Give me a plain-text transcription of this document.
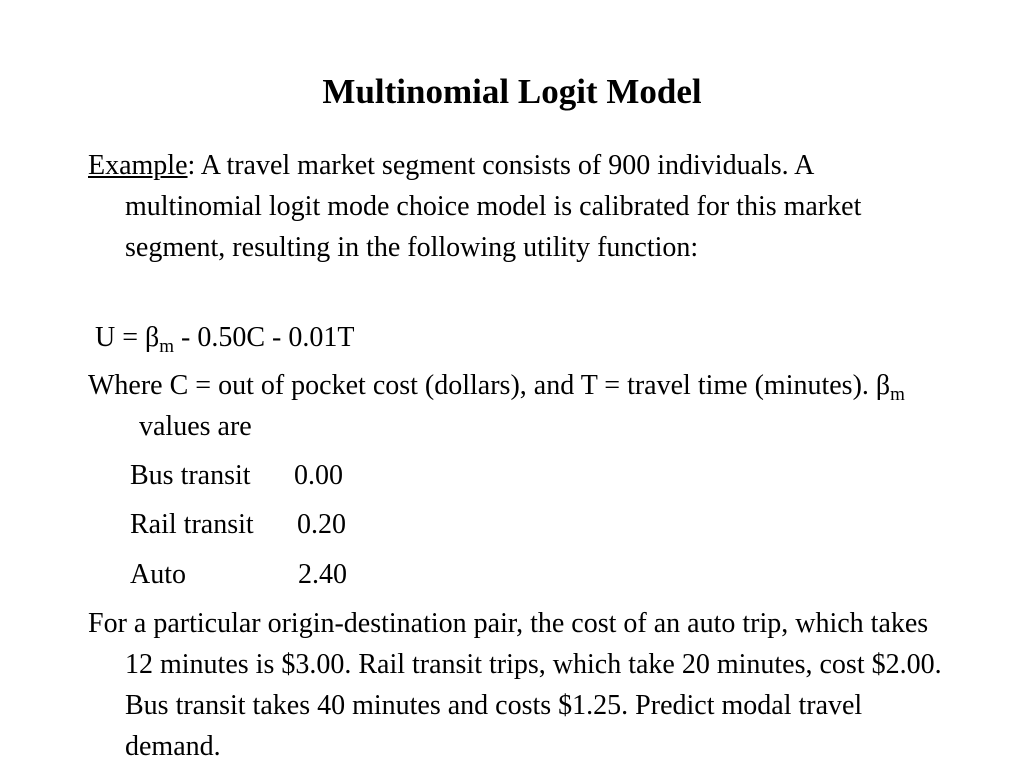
Multinomial Logit Model

Example: A travel market segment consists of 900 individuals. A multinomial logit mode choice model is calibrated for this market segment, resulting in the following utility function:

$U = \beta_m - 0.50C - 0.01T$

Where C = out of pocket cost (dollars), and T = travel time (minutes). $\beta_m$  values are

Bus transit 0.00
Rail transit 0.20
Auto	2.40

For a particular origin-destination pair, the cost of an auto trip, which takes 12 minutes is $3.00. Rail transit trips, which take 20 minutes, cost $2.00. Bus transit takes 40 minutes and costs $1.25. Predict modal travel demand.
